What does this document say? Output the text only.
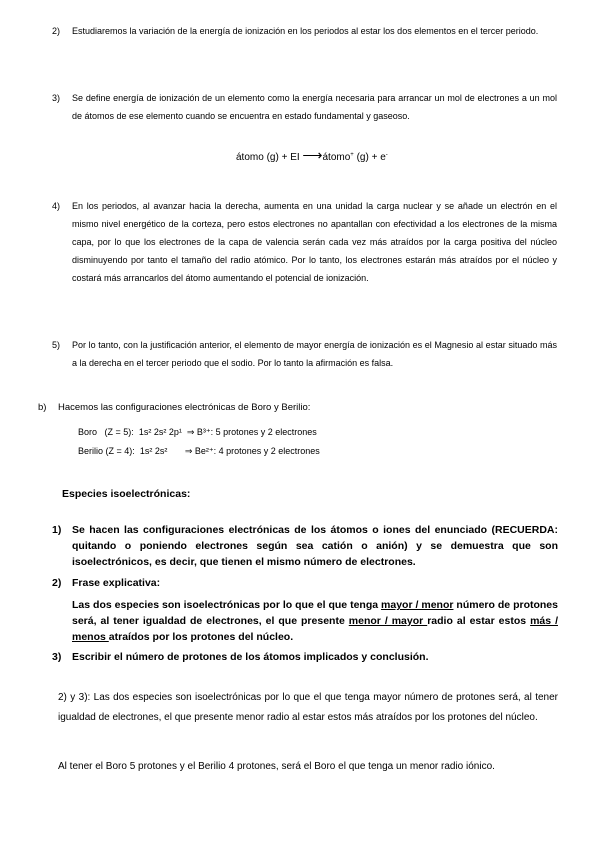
2) Estudiaremos la variación de la energía de ionización en los periodos al estar los dos elementos en el tercer periodo.
3) Se define energía de ionización de un elemento como la energía necesaria para arrancar un mol de electrones a un mol de átomos de ese elemento cuando se encuentra en estado fundamental y gaseoso.
átomo (g) + EI ⟶átomo+ (g) + e-
4) En los periodos, al avanzar hacia la derecha, aumenta en una unidad la carga nuclear y se añade un electrón en el mismo nivel energético de la corteza, pero estos electrones no apantallan con efectividad a los electrones de la misma capa, por lo que los electrones de la capa de valencia serán cada vez más atraídos por la carga positiva del núcleo disminuyendo por tanto el tamaño del radio atómico. Por lo tanto, los electrones estarán más atraídos por el núcleo y costará más arrancarlos del átomo aumentando el potencial de ionización.
5) Por lo tanto, con la justificación anterior, el elemento de mayor energía de ionización es el Magnesio al estar situado más a la derecha en el tercer periodo que el sodio. Por lo tanto la afirmación es falsa.
b) Hacemos las configuraciones electrónicas de Boro y Berilio:
Boro (Z = 5): 1s² 2s² 2p¹ ⇒ B³⁺: 5 protones y 2 electrones
Berilio (Z = 4): 1s² 2s² ⇒ Be²⁺: 4 protones y 2 electrones
Especies isoelectrónicas:
1) Se hacen las configuraciones electrónicas de los átomos o iones del enunciado (RECUERDA: quitando o poniendo electrones según sea catión o anión) y se demuestra que son isoelectrónicos, es decir, que tienen el mismo número de electrones.
2) Frase explicativa:
Las dos especies son isoelectrónicas por lo que el que tenga mayor / menor número de protones será, al tener igualdad de electrones, el que presente menor / mayor radio al estar estos más / menos atraídos por los protones del núcleo.
3) Escribir el número de protones de los átomos implicados y conclusión.
2) y 3): Las dos especies son isoelectrónicas por lo que el que tenga mayor número de protones será, al tener igualdad de electrones, el que presente menor radio al estar estos más atraídos por los protones del núcleo.
Al tener el Boro 5 protones y el Berilio 4 protones, será el Boro el que tenga un menor radio iónico.
